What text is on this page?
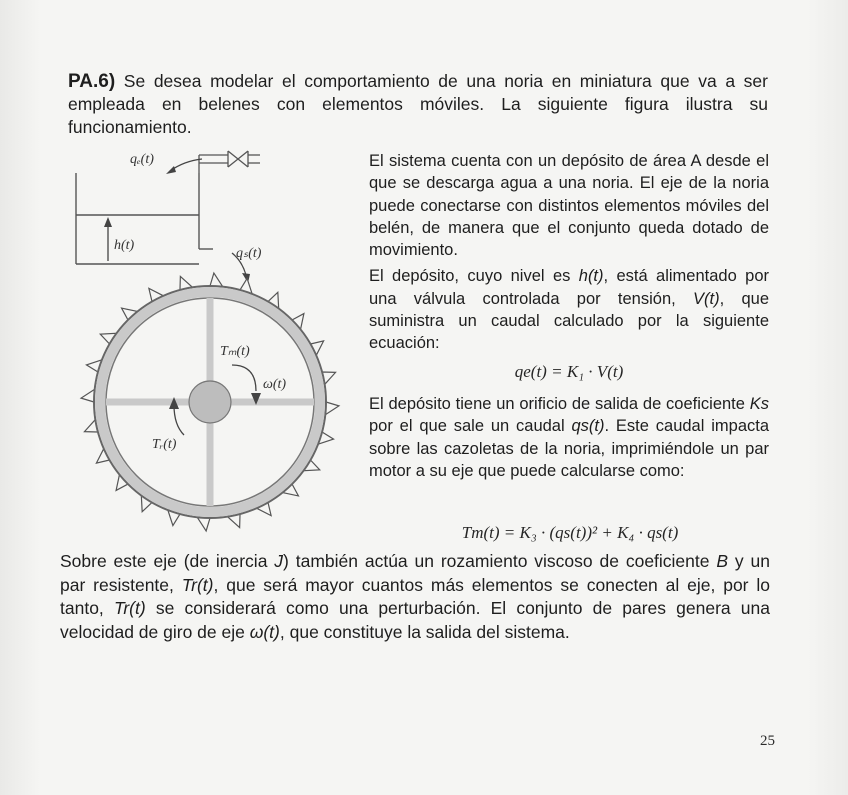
PA.6) Se desea modelar el comportamiento de una noria en miniatura que va a ser empleada en belenes con elementos móviles. La siguiente figura ilustra su funcionamiento.
qₑ(t)
h(t)
qₛ(t)
Tₘ(t)
ω(t)
Tᵣ(t)

El sistema cuenta con un depósito de área A desde el que se descarga agua a una noria. El eje de la noria puede conectarse con distintos elementos móviles del belén, de manera que el conjunto queda dotado de movimiento.

El depósito, cuyo nivel es h(t), está alimentado por una válvula controlada por tensión, V(t), que suministra un caudal calculado por la siguiente ecuación:

qe(t) = K₁ · V(t)

El depósito tiene un orificio de salida de coeficiente Ks por el que sale un caudal qs(t). Este caudal impacta sobre las cazoletas de la noria, imprimiéndole un par motor a su eje que puede calcularse como:

Tm(t) = K₃ · (qs(t))² + K₄ · qs(t)
Sobre este eje (de inercia J) también actúa un rozamiento viscoso de coeficiente B y un par resistente, Tr(t), que será mayor cuantos más elementos se conecten al eje, por lo tanto, Tr(t) se considerará como una perturbación. El conjunto de pares genera una velocidad de giro de eje ω(t), que constituye la salida del sistema.
25
